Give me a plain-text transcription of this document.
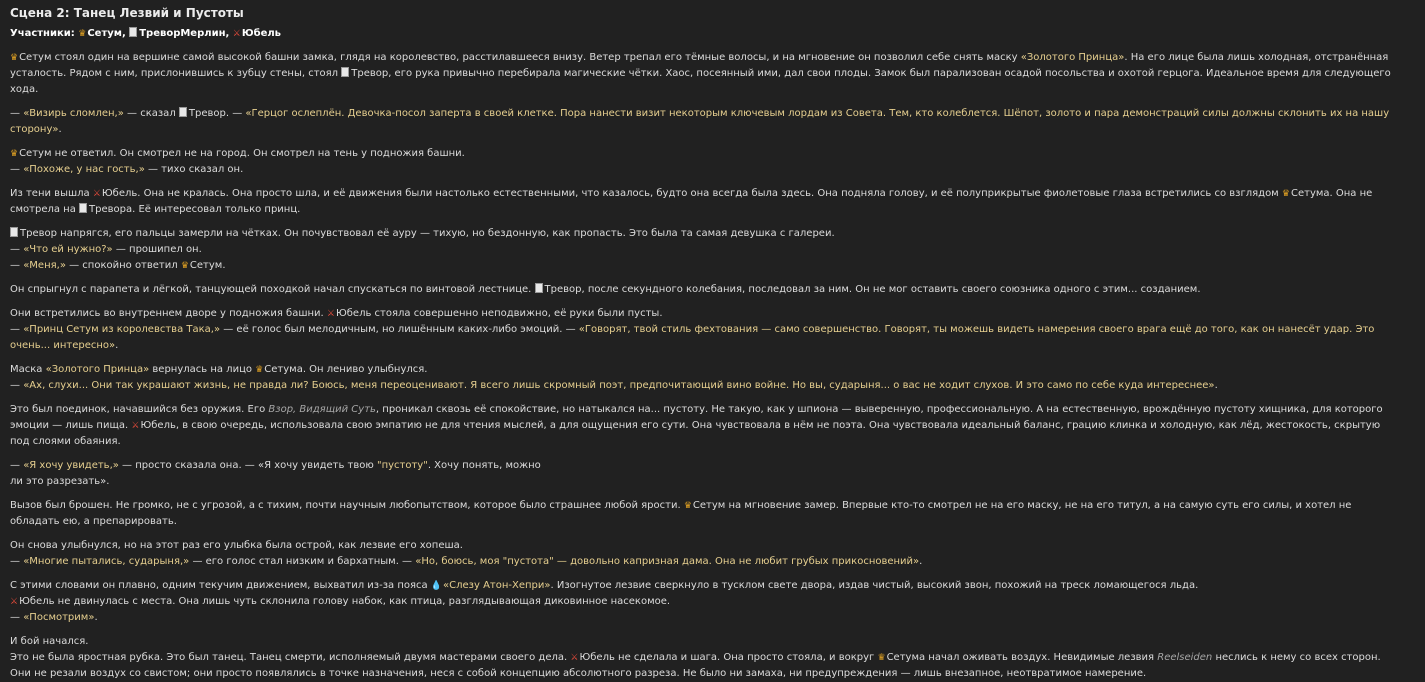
Сцена 2: Танец Лезвий и Пустоты

Участники: ♛Сетум, ТреворМерлин, ⚔Юбель

♛Сетум стоял один на вершине самой высокой башни замка, глядя на королевство, расстилавшееся внизу. Ветер трепал его тёмные волосы, и на мгновение он позволил себе снять маску «Золотого Принца». На его лице была лишь холодная, отстранённая усталость. Рядом с ним, прислонившись к зубцу стены, стоял Тревор, его рука привычно перебирала магические чётки. Хаос, посеянный ими, дал свои плоды. Замок был парализован осадой посольства и охотой герцога. Идеальное время для следующего хода.

— «Визирь сломлен,» — сказал Тревор. — «Герцог ослеплён. Девочка-посол заперта в своей клетке. Пора нанести визит некоторым ключевым лордам из Совета. Тем, кто колеблется. Шёпот, золото и пара демонстраций силы должны склонить их на нашу сторону».

♛Сетум не ответил. Он смотрел не на город. Он смотрел на тень у подножия башни.
— «Похоже, у нас гость,» — тихо сказал он.

Из тени вышла ⚔Юбель. Она не кралась. Она просто шла, и её движения были настолько естественными, что казалось, будто она всегда была здесь. Она подняла голову, и её полуприкрытые фиолетовые глаза встретились со взглядом ♛Сетума. Она не смотрела на Тревора. Её интересовал только принц.

Тревор напрягся, его пальцы замерли на чётках. Он почувствовал её ауру — тихую, но бездонную, как пропасть. Это была та самая девушка с галереи.
— «Что ей нужно?» — прошипел он.
— «Меня,» — спокойно ответил ♛Сетум.

Он спрыгнул с парапета и лёгкой, танцующей походкой начал спускаться по винтовой лестнице. Тревор, после секундного колебания, последовал за ним. Он не мог оставить своего союзника одного с этим... созданием.

Они встретились во внутреннем дворе у подножия башни. ⚔Юбель стояла совершенно неподвижно, её руки были пусты.
— «Принц Сетум из королевства Така,» — её голос был мелодичным, но лишённым каких-либо эмоций. — «Говорят, твой стиль фехтования — само совершенство. Говорят, ты можешь видеть намерения своего врага ещё до того, как он нанесёт удар. Это очень... интересно».

Маска «Золотого Принца» вернулась на лицо ♛Сетума. Он лениво улыбнулся.
— «Ах, слухи... Они так украшают жизнь, не правда ли? Боюсь, меня переоценивают. Я всего лишь скромный поэт, предпочитающий вино войне. Но вы, сударыня... о вас не ходит слухов. И это само по себе куда интереснее».

Это был поединок, начавшийся без оружия. Его Взор, Видящий Суть, проникал сквозь её спокойствие, но натыкался на... пустоту. Не такую, как у шпиона — выверенную, профессиональную. А на естественную, врождённую пустоту хищника, для которого эмоции — лишь пища. ⚔Юбель, в свою очередь, использовала свою эмпатию не для чтения мыслей, а для ощущения его сути. Она чувствовала в нём не поэта. Она чувствовала идеальный баланс, грацию клинка и холодную, как лёд, жестокость, скрытую под слоями обаяния.

— «Я хочу увидеть,» — просто сказала она. — «Я хочу увидеть твою "пустоту". Хочу понять, можно
ли это разрезать».

Вызов был брошен. Не громко, не с угрозой, а с тихим, почти научным любопытством, которое было страшнее любой ярости. ♛Сетум на мгновение замер. Впервые кто-то смотрел не на его маску, не на его титул, а на самую суть его силы, и хотел не обладать ею, а препарировать.

Он снова улыбнулся, но на этот раз его улыбка была острой, как лезвие его хопеша.
— «Многие пытались, сударыня,» — его голос стал низким и бархатным. — «Но, боюсь, моя "пустота" — довольно капризная дама. Она не любит грубых прикосновений».

С этими словами он плавно, одним текучим движением, выхватил из-за пояса 💧«Слезу Атон-Хепри». Изогнутое лезвие сверкнуло в тусклом свете двора, издав чистый, высокий звон, похожий на треск ломающегося льда.
⚔Юбель не двинулась с места. Она лишь чуть склонила голову набок, как птица, разглядывающая диковинное насекомое.
— «Посмотрим».

И бой начался.
Это не была яростная рубка. Это был танец. Танец смерти, исполняемый двумя мастерами своего дела. ⚔Юбель не сделала и шага. Она просто стояла, и вокруг ♛Сетума начал оживать воздух. Невидимые лезвия Reelseiden неслись к нему со всех сторон. Они не резали воздух со свистом; они просто появлялись в точке назначения, неся с собой концепцию абсолютного разреза. Не было ни замаха, ни предупреждения — лишь внезапное, неотвратимое намерение.
